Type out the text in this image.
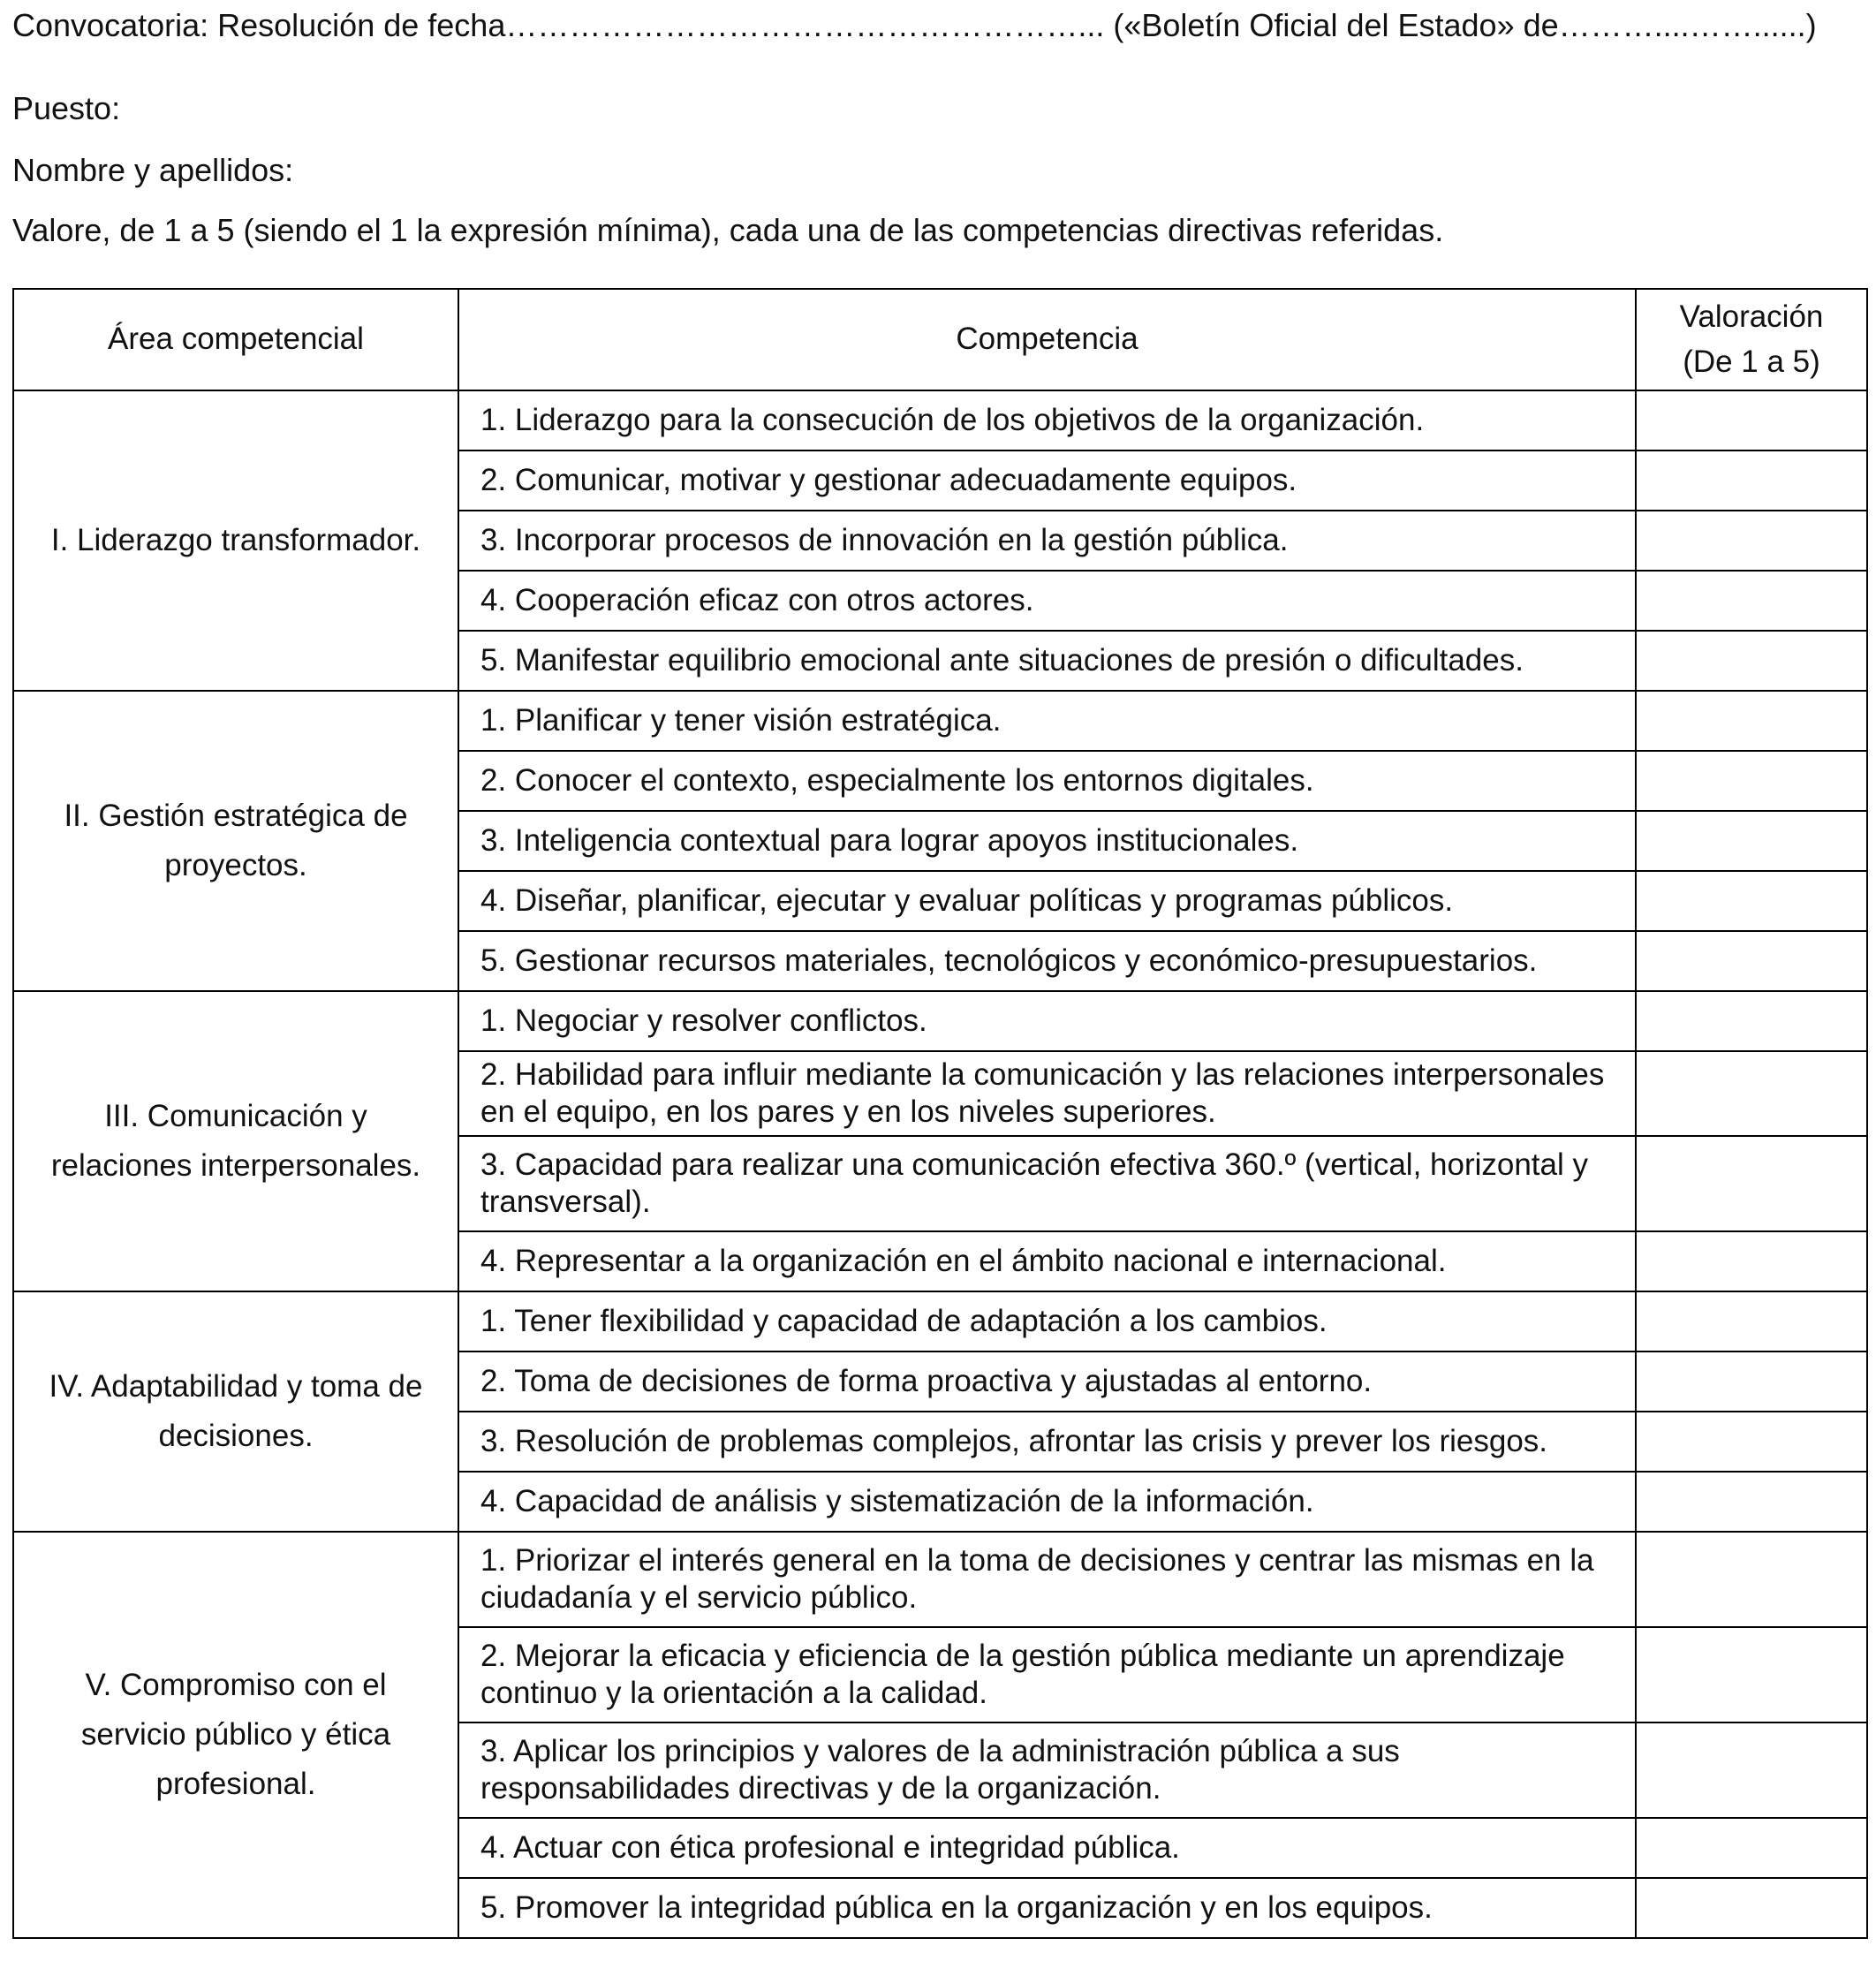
Convocatoria: Resolución de fecha………………………………………………... («Boletín Oficial del Estado» de………....……......)

Puesto:

Nombre y apellidos:

Valore, de 1 a 5 (siendo el 1 la expresión mínima), cada una de las competencias directivas referidas.

Área competencial	Competencia	Valoración
(De 1 a 5)
I. Liderazgo transformador.	1. Liderazgo para la consecución de los objetivos de la organización.	
	2. Comunicar, motivar y gestionar adecuadamente equipos.	
	3. Incorporar procesos de innovación en la gestión pública.	
	4. Cooperación eficaz con otros actores.	
	5. Manifestar equilibrio emocional ante situaciones de presión o dificultades.	
II. Gestión estratégica de proyectos.	1. Planificar y tener visión estratégica.	
	2. Conocer el contexto, especialmente los entornos digitales.	
	3. Inteligencia contextual para lograr apoyos institucionales.	
	4. Diseñar, planificar, ejecutar y evaluar políticas y programas públicos.	
	5. Gestionar recursos materiales, tecnológicos y económico-presupuestarios.	
III. Comunicación y relaciones interpersonales.	1. Negociar y resolver conflictos.	
	2. Habilidad para influir mediante la comunicación y las relaciones interpersonales en el equipo, en los pares y en los niveles superiores.	
	3. Capacidad para realizar una comunicación efectiva 360.º (vertical, horizontal y transversal).	
	4. Representar a la organización en el ámbito nacional e internacional.	
IV. Adaptabilidad y toma de decisiones.	1. Tener flexibilidad y capacidad de adaptación a los cambios.	
	2. Toma de decisiones de forma proactiva y ajustadas al entorno.	
	3. Resolución de problemas complejos, afrontar las crisis y prever los riesgos.	
	4. Capacidad de análisis y sistematización de la información.	
V. Compromiso con el servicio público y ética profesional.	1. Priorizar el interés general en la toma de decisiones y centrar las mismas en la ciudadanía y el servicio público.	
	2. Mejorar la eficacia y eficiencia de la gestión pública mediante un aprendizaje continuo y la orientación a la calidad.	
	3. Aplicar los principios y valores de la administración pública a sus responsabilidades directivas y de la organización.	
	4. Actuar con ética profesional e integridad pública.	
	5. Promover la integridad pública en la organización y en los equipos.	
